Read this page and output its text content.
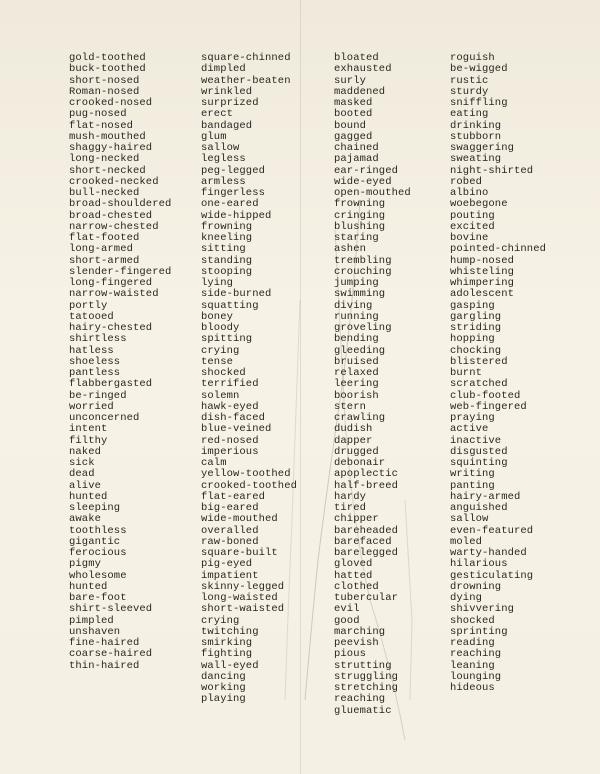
gold-toothed
buck-toothed
short-nosed
Roman-nosed
crooked-nosed
pug-nosed
flat-nosed
mush-mouthed
shaggy-haired
long-necked
short-necked
crooked-necked
bull-necked
broad-shouldered
broad-chested
narrow-chested
flat-footed
long-armed
short-armed
slender-fingered
long-fingered
narrow-waisted
portly
tatooed
hairy-chested
shirtless
hatless
shoeless
pantless
flabbergasted
be-ringed
worried
unconcerned
intent
filthy
naked
sick
dead
alive
hunted
sleeping
awake
toothless
gigantic
ferocious
pigmy
wholesome
hunted
bare-foot
shirt-sleeved
pimpled
unshaven
fine-haired
coarse-haired
thin-haired
square-chinned
dimpled
weather-beaten
wrinkled
surprized
erect
bandaged
glum
sallow
legless
peg-legged
armless
fingerless
one-eared
wide-hipped
frowning
kneeling
sitting
standing
stooping
lying
side-burned
squatting
boney
bloody
spitting
crying
tense
shocked
terrified
solemn
hawk-eyed
dish-faced
blue-veined
red-nosed
imperious
calm
yellow-toothed
crooked-toothed
flat-eared
big-eared
wide-mouthed
overalled
raw-boned
square-built
pig-eyed
impatient
skinny-legged
long-waisted
short-waisted
crying
twitching
smirking
fighting
wall-eyed
dancing
working
playing
bloated
exhausted
surly
maddened
masked
booted
bound
gagged
chained
pajamad
ear-ringed
wide-eyed
open-mouthed
frowning
cringing
blushing
staring
ashen
trembling
crouching
jumping
swimming
diving
running
groveling
bending
gleeding
bruised
relaxed
leering
boorish
stern
crawling
dudish
dapper
drugged
debonair
apoplectic
half-breed
hardy
tired
chipper
bareheaded
barefaced
barelegged
gloved
hatted
clothed
tubercular
evil
good
marching
peevish
pious
strutting
struggling
stretching
reaching
gluematic
roguish
be-wigged
rustic
sturdy
sniffling
eating
drinking
stubborn
swaggering
sweating
night-shirted
robed
albino
woebegone
pouting
excited
bovine
pointed-chinned
hump-nosed
whisteling
whimpering
adolescent
gasping
gargling
striding
hopping
chocking
blistered
burnt
scratched
club-footed
web-fingered
praying
active
inactive
disgusted
squinting
writing
panting
hairy-armed
anguished
sallow
even-featured
moled
warty-handed
hilarious
gesticulating
drowning
dying
shivvering
shocked
sprinting
reading
reaching
leaning
lounging
hideous
